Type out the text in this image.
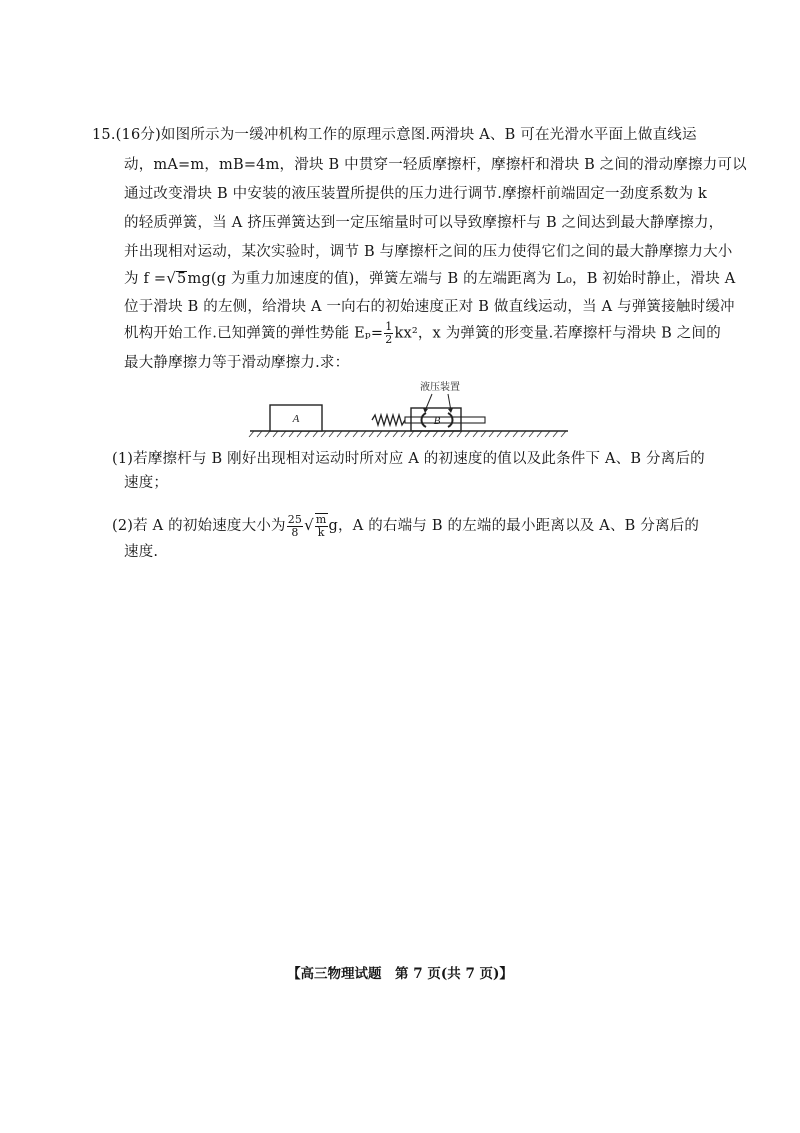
15.(16分)如图所示为一缓冲机构工作的原理示意图.两滑块 A、B 可在光滑水平面上做直线运
动，mA=m，mB=4m，滑块 B 中贯穿一轻质摩擦杆，摩擦杆和滑块 B 之间的滑动摩擦力可以
通过改变滑块 B 中安装的液压装置所提供的压力进行调节.摩擦杆前端固定一劲度系数为 k
的轻质弹簧，当 A 挤压弹簧达到一定压缩量时可以导致摩擦杆与 B 之间达到最大静摩擦力，
并出现相对运动，某次实验时，调节 B 与摩擦杆之间的压力使得它们之间的最大静摩擦力大小
为 f =√5mg(g 为重力加速度的值)，弹簧左端与 B 的左端距离为 L₀，B 初始时静止，滑块 A
位于滑块 B 的左侧，给滑块 A 一向右的初始速度正对 B 做直线运动，当 A 与弹簧接触时缓冲
机构开始工作.已知弹簧的弹性势能 $E_p= \frac{1}{2} kx^2$，x 为弹簧的形变量.若摩擦杆与滑块 B 之间的
最大静摩擦力等于滑动摩擦力.求：
A	B
液压装置
(1)若摩擦杆与 B 刚好出现相对运动时所对应 A 的初速度的值以及此条件下 A、B 分离后的
速度；
(2)若 A 的初始速度大小为 $\frac{25}{8}$ √ $\frac{m}{k}$ g，A 的右端与 B 的左端的最小距离以及 A、B 分离后的
速度.
【高三物理试题　第 7 页(共 7 页)】
